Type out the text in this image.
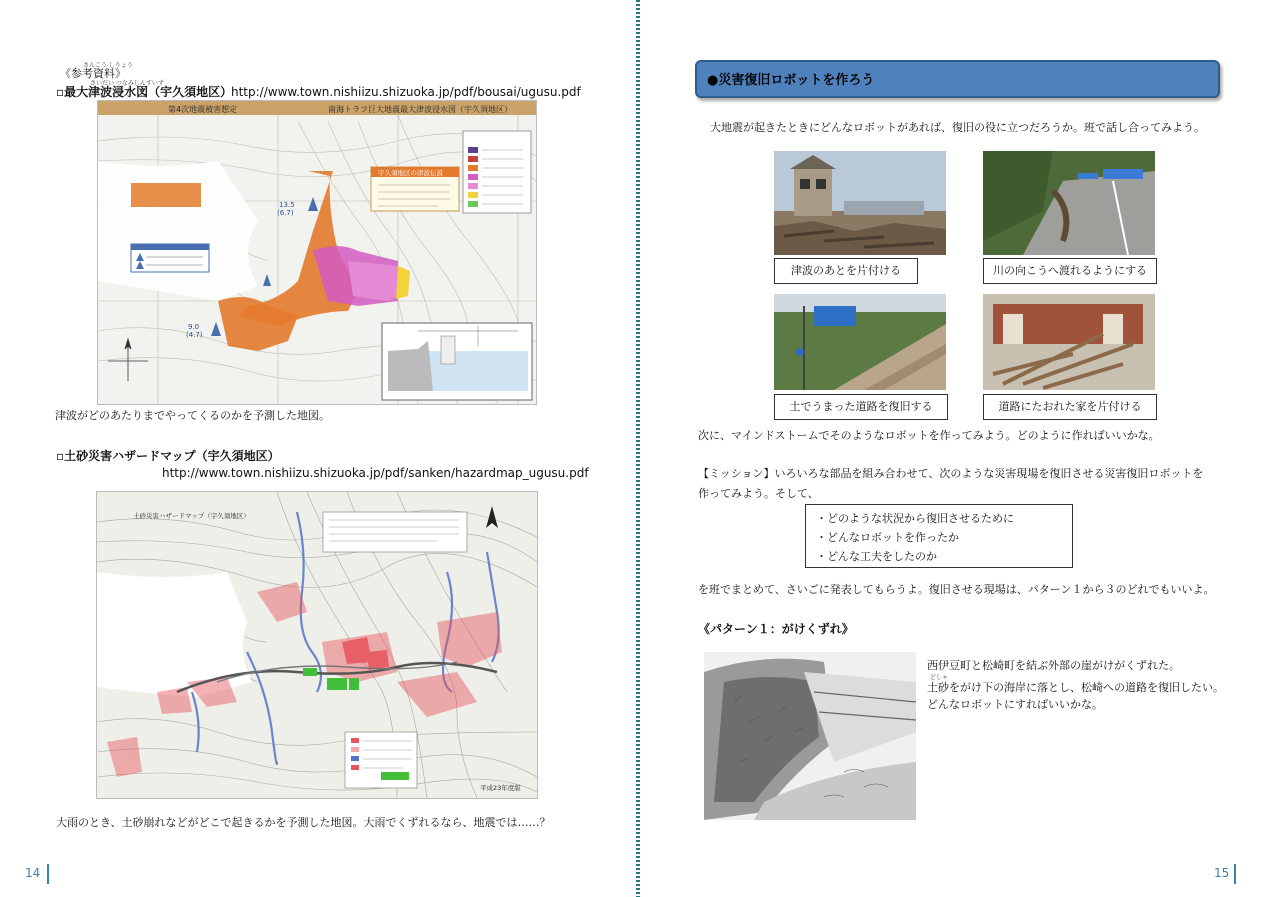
さんこう しりょう
《参考資料》
さいだい つなみしんすいず
▫最大津波浸水図（宇久須地区）
http://www.town.nishiizu.shizuoka.jp/pdf/bousai/ugusu.pdf
第4次地震被害想定	南海トラフ巨大地震最大津波浸水図（宇久須地区）
宇久須地区の津波伝説
13.5
(6.7)
9.0
(4.7)
津波がどのあたりまでやってくるのかを予測した地図。
▫土砂災害ハザードマップ（宇久須地区）
http://www.town.nishiizu.shizuoka.jp/pdf/sanken/hazardmap_ugusu.pdf
土砂災害ハザードマップ（宇久須地区）
平成23年度版
大雨のとき、土砂崩れなどがどこで起きるかを予測した地図。大雨でくずれるなら、地震では……？
14
●災害復旧ロボットを作ろう
大地震が起きたときにどんなロボットがあれば、復旧の役に立つだろうか。班で話し合ってみよう。
津波のあとを片付ける	川の向こうへ渡れるようにする
土でうまった道路を復旧する	道路にたおれた家を片付ける
次に、マインドストームでそのようなロボットを作ってみよう。どのように作ればいいかな。
【ミッション】いろいろな部品を組み合わせて、次のような災害現場を復旧させる災害復旧ロボットを
作ってみよう。そして、
・どのような状況から復旧させるために
・どんなロボットを作ったか
・どんな工夫をしたのか
を班でまとめて、さいごに発表してもらうよ。復旧させる現場は、パターン１から３のどれでもいいよ。
《パターン１：がけくずれ》
西伊豆町と松崎町を結ぶ外部の崖がけがくずれた。
どしゃ
土砂をがけ下の海岸に落とし、松崎への道路を復旧したい。
どんなロボットにすればいいかな。
15
